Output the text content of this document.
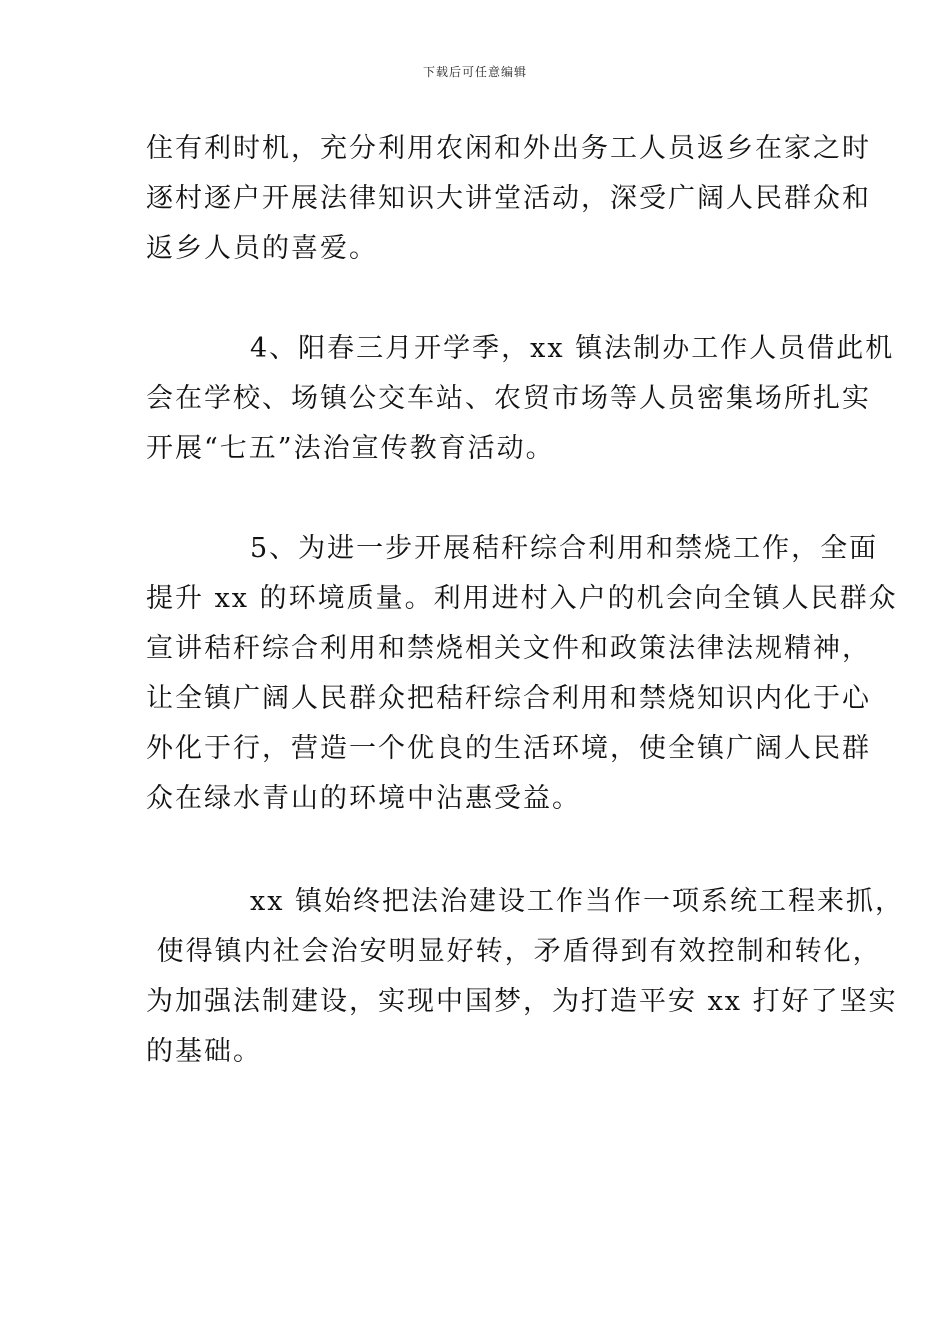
下载后可任意编辑
住有利时机，充分利用农闲和外出务工人员返乡在家之时
逐村逐户开展法律知识大讲堂活动，深受广阔人民群众和
返乡人员的喜爱。
4、阳春三月开学季，xx 镇法制办工作人员借此机
会在学校、场镇公交车站、农贸市场等人员密集场所扎实
开展“七五”法治宣传教育活动。
5、为进一步开展秸秆综合利用和禁烧工作，全面
提升 xx 的环境质量。利用进村入户的机会向全镇人民群众
宣讲秸秆综合利用和禁烧相关文件和政策法律法规精神，
让全镇广阔人民群众把秸秆综合利用和禁烧知识内化于心
外化于行，营造一个优良的生活环境，使全镇广阔人民群
众在绿水青山的环境中沾惠受益。
xx 镇始终把法治建设工作当作一项系统工程来抓，
使得镇内社会治安明显好转，矛盾得到有效控制和转化，
为加强法制建设，实现中国梦，为打造平安 xx 打好了坚实
的基础。
